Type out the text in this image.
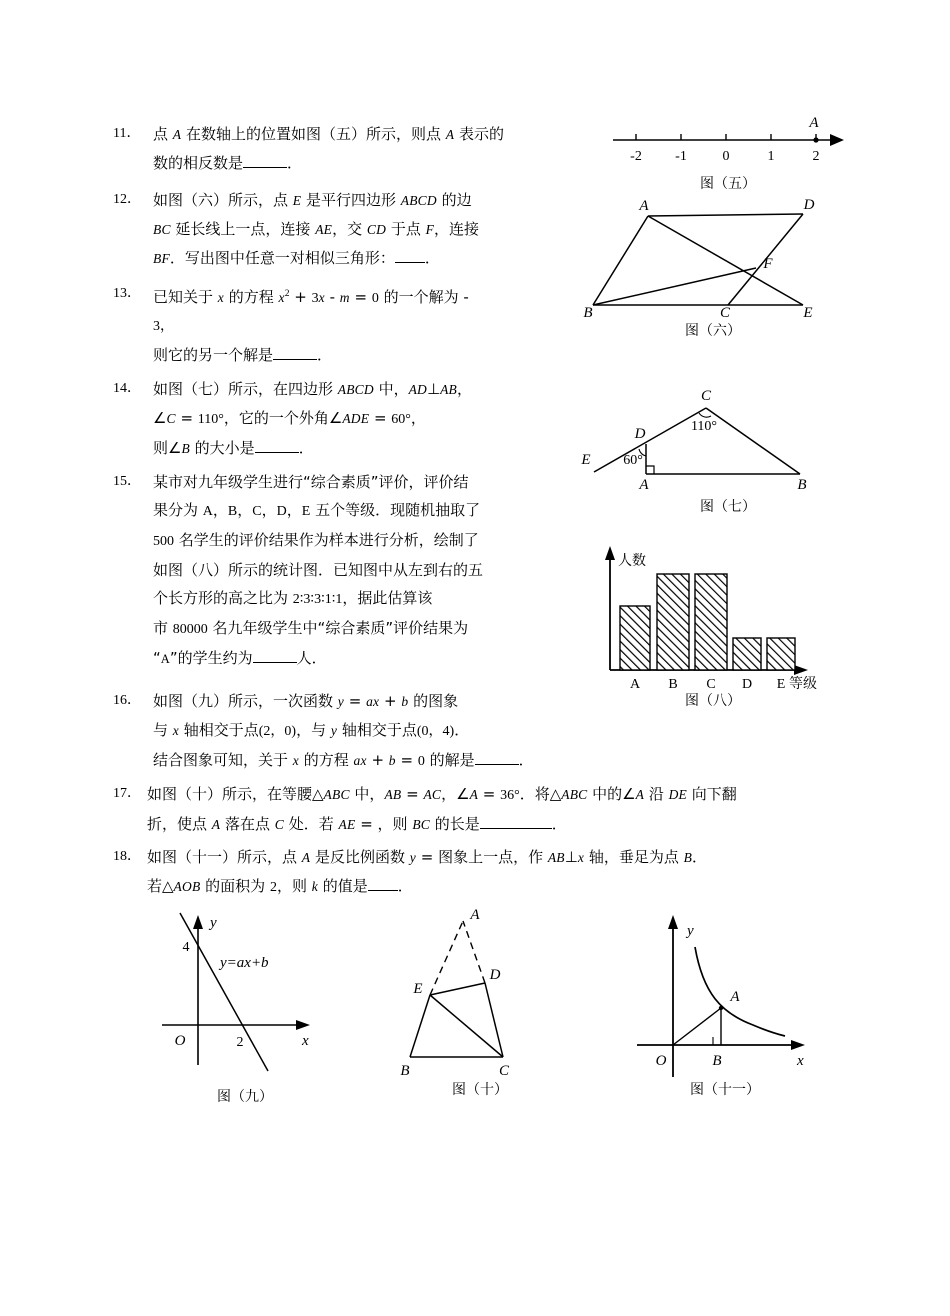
11． 点 A 在数轴上的位置如图（五）所示，则点 A 表示的
数的相反数是	．
12． 如图（六）所示，点 E 是平行四边形 ABCD 的边
BC 延长线上一点，连接 AE，交 CD 于点 F，连接
BF．写出图中任意一对相似三角形： ．
13． 已知关于 x 的方程 $x^2 + 3x - m = 0$ 的一个解为 -
3，
则它的另一个解是	．
14． 如图（七）所示，在四边形 ABCD 中，AD⊥AB，
∠C = 110°，它的一个外角∠ADE = 60°，
则∠B 的大小是	．
15． 某市对九年级学生进行“综合素质”评价，评价结
果分为 A，B，C，D，E 五个等级．现随机抽取了
500 名学生的评价结果作为样本进行分析，绘制了
如图（八）所示的统计图．已知图中从左到右的五
个长方形的高之比为 2∶3∶3∶1∶1，据此估算该
市 80000 名九年级学生中“综合素质”评价结果为
“A”的学生约为	人．
16． 如图（九）所示，一次函数 y = ax + b 的图象
与 x 轴相交于点(2，0)，与 y 轴相交于点(0，4)．
结合图象可知，关于 x 的方程 ax + b = 0 的解是	．
17． 如图（十）所示，在等腰△ABC 中，AB = AC，∠A = 36°．将△ABC 中的∠A 沿 DE 向下翻
折，使点 A 落在点 C 处．若 AE = ，则 BC 的长是	．
18． 如图（十一）所示，点 A 是反比例函数 y = 图象上一点，作 AB⊥x 轴，垂足为点 B．
若△AOB 的面积为 2，则 k 的值是 ．
-2 -1	0	1	2
A
图（五）
A	D
F
B	C	E
图（六）
C
D
E
A	B
110°
60°
图（七）
人数
A B C D E 等级
图（八）
y
x
O
4
2
y=ax+b
图（九）
A
D
E
B	C
图（十）
y
x
O
A
B
图（十一）
